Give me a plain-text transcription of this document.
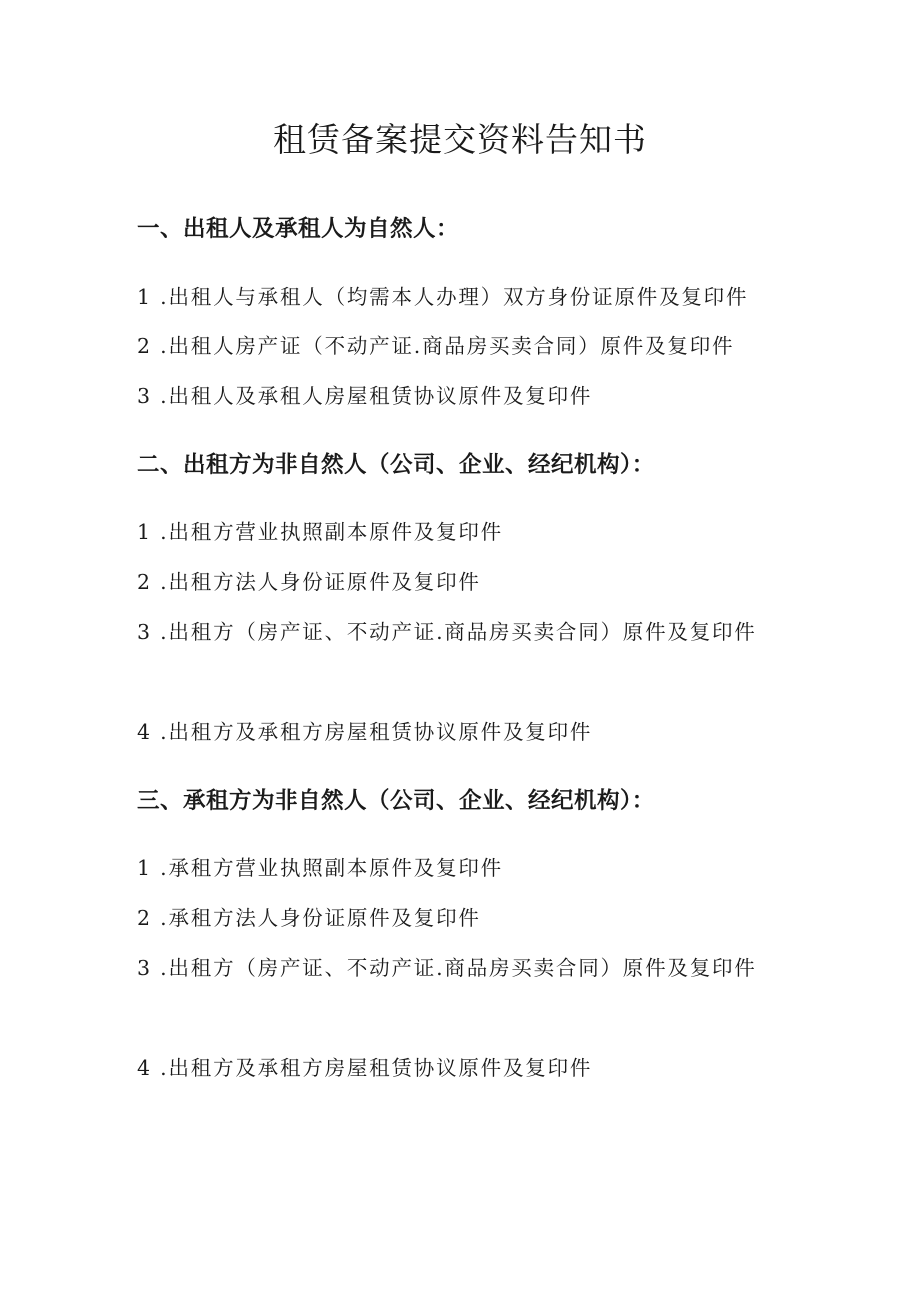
租赁备案提交资料告知书
一、出租人及承租人为自然人：
1 .出租人与承租人（均需本人办理）双方身份证原件及复印件
2 .出租人房产证（不动产证.商品房买卖合同）原件及复印件
3 .出租人及承租人房屋租赁协议原件及复印件
二、出租方为非自然人（公司、企业、经纪机构）：
1 .出租方营业执照副本原件及复印件
2 .出租方法人身份证原件及复印件
3 .出租方（房产证、不动产证.商品房买卖合同）原件及复印件
4 .出租方及承租方房屋租赁协议原件及复印件
三、承租方为非自然人（公司、企业、经纪机构）：
1 .承租方营业执照副本原件及复印件
2 .承租方法人身份证原件及复印件
3 .出租方（房产证、不动产证.商品房买卖合同）原件及复印件
4 .出租方及承租方房屋租赁协议原件及复印件
